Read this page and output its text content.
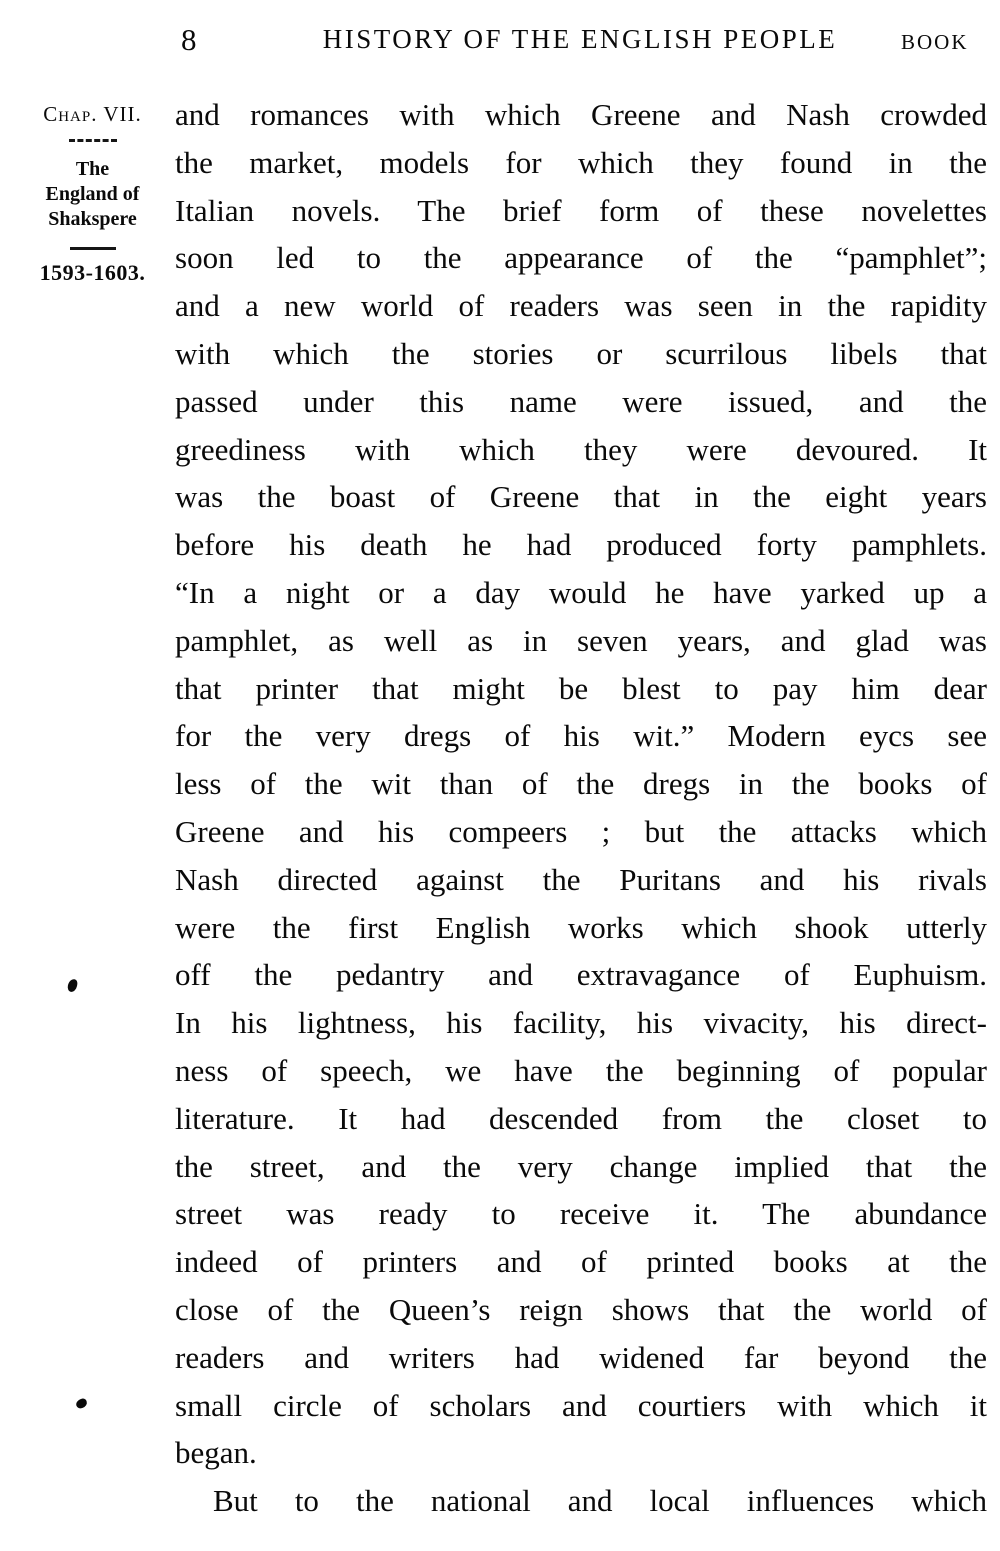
8	HISTORY OF THE ENGLISH PEOPLE	BOOK
Chap. VII.
The
England of
Shakspere
1593-1603.
and romances with which Greene and Nash crowded
the market, models for which they found in the
Italian novels. The brief form of these novelettes
soon led to the appearance of the “pamphlet”;
and a new world of readers was seen in the rapidity
with which the stories or scurrilous libels that
passed under this name were issued, and the
greediness with which they were devoured. It
was the boast of Greene that in the eight years
before his death he had produced forty pamphlets.
“In a night or a day would he have yarked up a
pamphlet, as well as in seven years, and glad was
that printer that might be blest to pay him dear
for the very dregs of his wit.” Modern eycs see
less of the wit than of the dregs in the books of
Greene and his compeers ; but the attacks which
Nash directed against the Puritans and his rivals
were the first English works which shook utterly
off the pedantry and extravagance of Euphuism.
In his lightness, his facility, his vivacity, his direct-
ness of speech, we have the beginning of popular
literature. It had descended from the closet to
the street, and the very change implied that the
street was ready to receive it. The abundance
indeed of printers and of printed books at the
close of the Queen’s reign shows that the world of
readers and writers had widened far beyond the
small circle of scholars and courtiers with which it
began.
But to the national and local influences which
